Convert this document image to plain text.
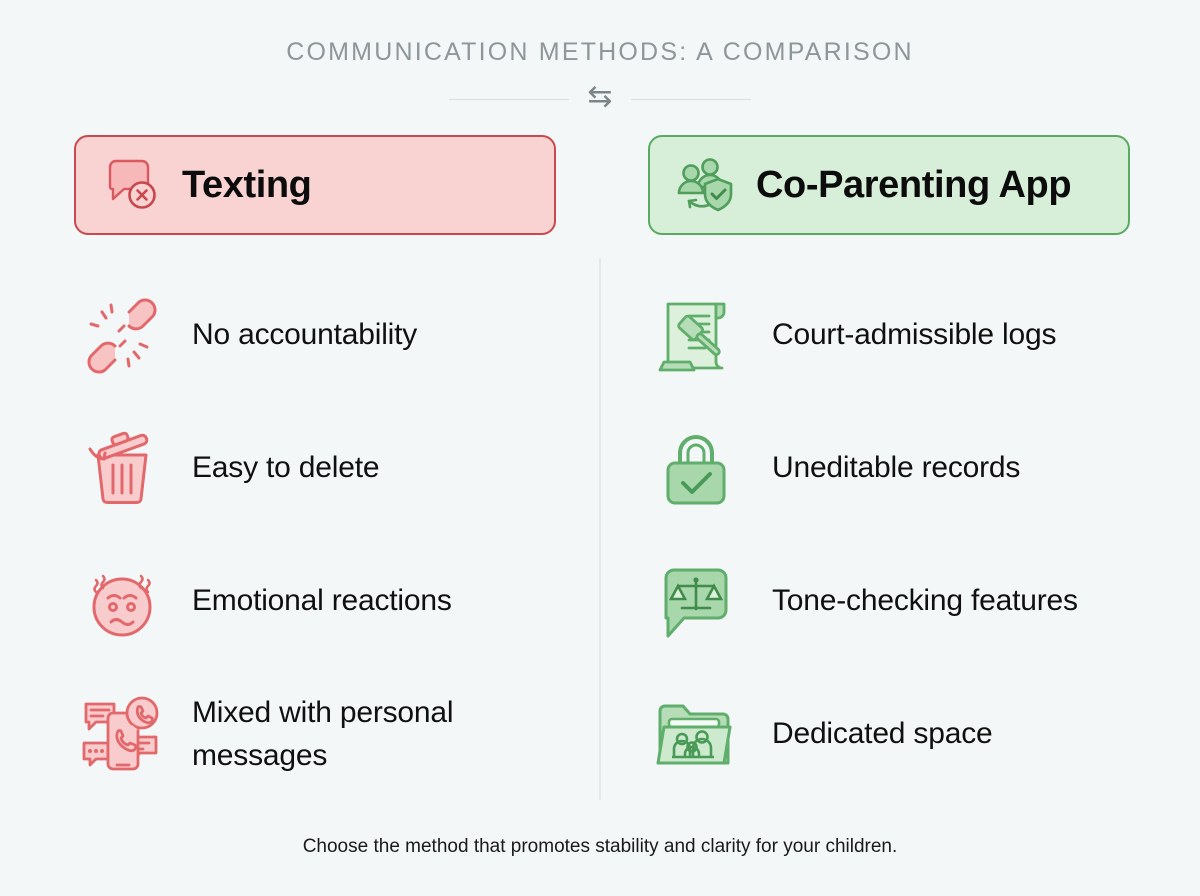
COMMUNICATION METHODS: A COMPARISON
⇆
Texting
No accountability
Easy to delete
Emotional reactions
Mixed with personal messages
Co-Parenting App
Court-admissible logs
Uneditable records
Tone-checking features
Dedicated space
Choose the method that promotes stability and clarity for your children.
